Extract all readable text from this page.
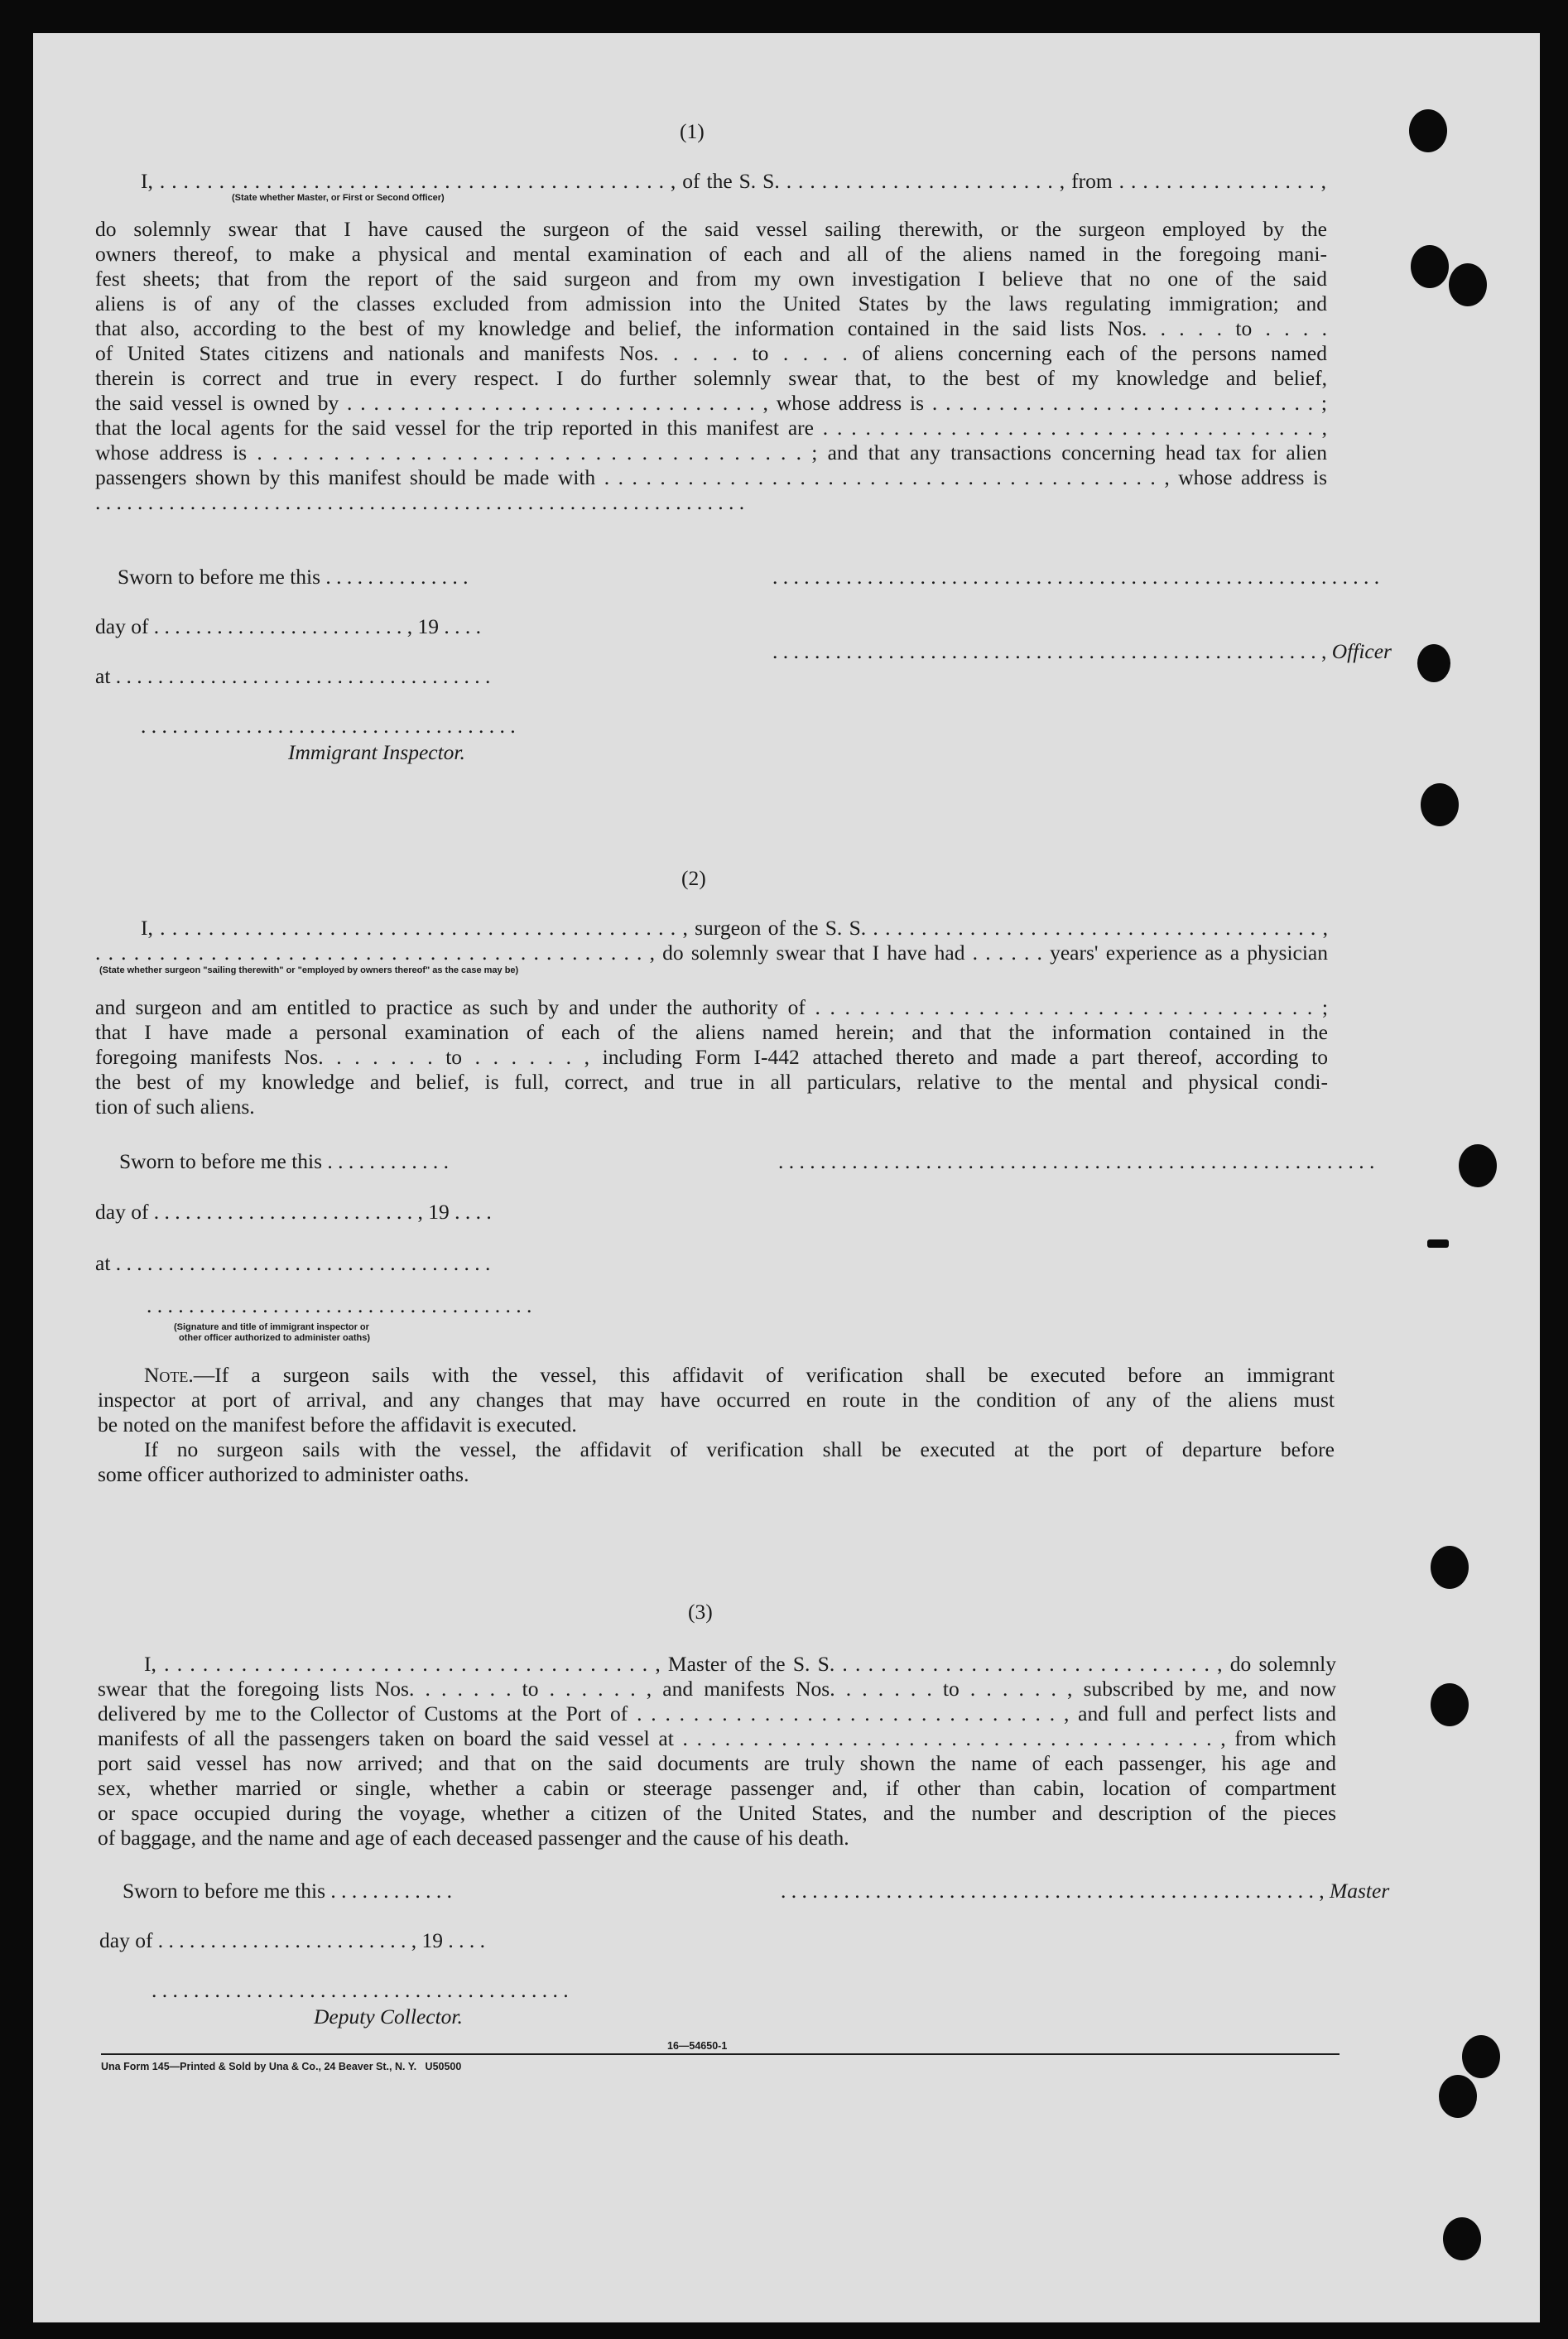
(1)
I, . . . . . . . . . . . . . . . . . . . . . . . . . . . . . . . . . . . . . . . . . . . , of the S. S. . . . . . . . . . . . . . . . . . . . . . . . , from . . . . . . . . . . . . . . . . . ,
(State whether Master, or First or Second Officer)
do solemnly swear that I have caused the surgeon of the said vessel sailing therewith, or the surgeon employed by the
owners thereof, to make a physical and mental examination of each and all of the aliens named in the foregoing mani-
fest sheets; that from the report of the said surgeon and from my own investigation I believe that no one of the said
aliens is of any of the classes excluded from admission into the United States by the laws regulating immigration; and
that also, according to the best of my knowledge and belief, the information contained in the said lists Nos. . . . . to . . . .
of United States citizens and nationals and manifests Nos. . . . . to . . . . of aliens concerning each of the persons named
therein is correct and true in every respect. I do further solemnly swear that, to the best of my knowledge and belief,
the said vessel is owned by . . . . . . . . . . . . . . . . . . . . . . . . . . . . . . . , whose address is . . . . . . . . . . . . . . . . . . . . . . . . . . . . . ;
that the local agents for the said vessel for the trip reported in this manifest are . . . . . . . . . . . . . . . . . . . . . . . . . . . . . . . . . . . ,
whose address is . . . . . . . . . . . . . . . . . . . . . . . . . . . . . . . . . . . . ; and that any transactions concerning head tax for alien
passengers shown by this manifest should be made with . . . . . . . . . . . . . . . . . . . . . . . . . . . . . . . . . . . . . . . . , whose address is
. . . . . . . . . . . . . . . . . . . . . . . . . . . . . . . . . . . . . . . . . . . . . . . . . . . . . . . . . . . . . .
Sworn to before me this . . . . . . . . . . . . . .	. . . . . . . . . . . . . . . . . . . . . . . . . . . . . . . . . . . . . . . . . . . . . . . . . . . . . . . . . .
day of . . . . . . . . . . . . . . . . . . . . . . . . , 19 . . . .
. . . . . . . . . . . . . . . . . . . . . . . . . . . . . . . . . . . . . . . . . . . . . . . . . . . . , Officer
at . . . . . . . . . . . . . . . . . . . . . . . . . . . . . . . . . . . .
. . . . . . . . . . . . . . . . . . . . . . . . . . . . . . . . . . . .
Immigrant Inspector.
(2)
I, . . . . . . . . . . . . . . . . . . . . . . . . . . . . . . . . . . . . . . . . . . . , surgeon of the S. S. . . . . . . . . . . . . . . . . . . . . . . . . . . . . . . . . . . . . . ,
. . . . . . . . . . . . . . . . . . . . . . . . . . . . . . . . . . . . . . . . . . . , do solemnly swear that I have had . . . . . . years' experience as a physician
(State whether surgeon "sailing therewith" or "employed by owners thereof" as the case may be)
and surgeon and am entitled to practice as such by and under the authority of . . . . . . . . . . . . . . . . . . . . . . . . . . . . . . . . . . ;
that I have made a personal examination of each of the aliens named herein; and that the information contained in the
foregoing manifests Nos. . . . . . . to . . . . . . , including Form I-442 attached thereto and made a part thereof, according to
the best of my knowledge and belief, is full, correct, and true in all particulars, relative to the mental and physical condi-
tion of such aliens.
Sworn to before me this . . . . . . . . . . . .	. . . . . . . . . . . . . . . . . . . . . . . . . . . . . . . . . . . . . . . . . . . . . . . . . . . . . . . . .
day of . . . . . . . . . . . . . . . . . . . . . . . . . , 19 . . . .
at . . . . . . . . . . . . . . . . . . . . . . . . . . . . . . . . . . . .
. . . . . . . . . . . . . . . . . . . . . . . . . . . . . . . . . . . . .
(Signature and title of immigrant inspector or
other officer authorized to administer oaths)
Note.—If a surgeon sails with the vessel, this affidavit of verification shall be executed before an immigrant
inspector at port of arrival, and any changes that may have occurred en route in the condition of any of the aliens must
be noted on the manifest before the affidavit is executed.
If no surgeon sails with the vessel, the affidavit of verification shall be executed at the port of departure before
some officer authorized to administer oaths.
(3)
I, . . . . . . . . . . . . . . . . . . . . . . . . . . . . . . . . . . . . . . , Master of the S. S. . . . . . . . . . . . . . . . . . . . . . . . . . . . . . , do solemnly
swear that the foregoing lists Nos. . . . . . . to . . . . . . , and manifests Nos. . . . . . . to . . . . . . , subscribed by me, and now
delivered by me to the Collector of Customs at the Port of . . . . . . . . . . . . . . . . . . . . . . . . . . . . . . , and full and perfect lists and
manifests of all the passengers taken on board the said vessel at . . . . . . . . . . . . . . . . . . . . . . . . . . . . . . . . . . . . . . , from which
port said vessel has now arrived; and that on the said documents are truly shown the name of each passenger, his age and
sex, whether married or single, whether a cabin or steerage passenger and, if other than cabin, location of compartment
or space occupied during the voyage, whether a citizen of the United States, and the number and description of the pieces
of baggage, and the name and age of each deceased passenger and the cause of his death.
Sworn to before me this . . . . . . . . . . . .	. . . . . . . . . . . . . . . . . . . . . . . . . . . . . . . . . . . . . . . . . . . . . . . . . . . , Master
day of . . . . . . . . . . . . . . . . . . . . . . . . , 19 . . . .
. . . . . . . . . . . . . . . . . . . . . . . . . . . . . . . . . . . . . . . .
Deputy Collector.
16—54650-1
Una Form 145—Printed & Sold by Una & Co., 24 Beaver St., N. Y.   U50500
